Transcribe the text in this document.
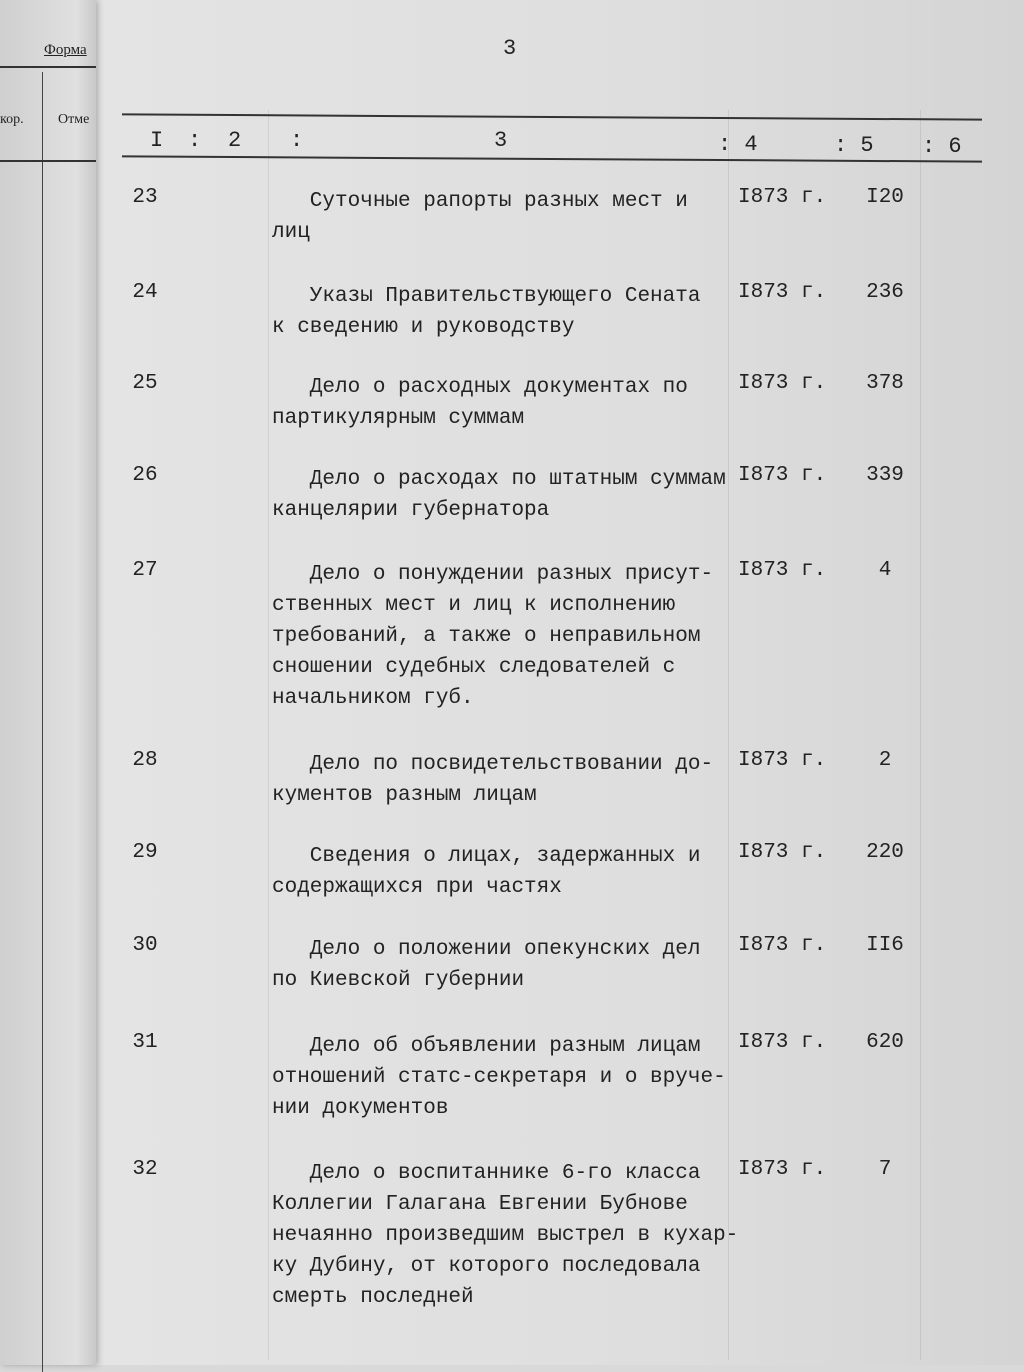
Форма
кор. Отме
3
I : 2 :	3	: 4	: 5 : 6
23	Суточные рапорты разных мест и
лиц
I873 г.	I20
24	Указы Правительствующего Сената
к сведению и руководству
I873 г.	236
25	Дело о расходных документах по
партикулярным суммам
I873 г.	378
26	Дело о расходах по штатным суммам
канцелярии губернатора
I873 г.	339
27	Дело о понуждении разных присут-
ственных мест и лиц к исполнению
требований, а также о неправильном
сношении судебных следователей с
начальником губ.
I873 г.	4
28	Дело по посвидетельствовании до-
кументов разным лицам
I873 г.	2
29	Сведения о лицах, задержанных и
содержащихся при частях
I873 г.	220
30	Дело о положении опекунских дел
по Киевской губернии
I873 г.	II6
31	Дело об объявлении разным лицам
отношений статс-секретаря и о вруче-
нии документов
I873 г.	620
32	Дело о воспитаннике 6-го класса
Коллегии Галагана Евгении Бубнове
нечаянно произведшим выстрел в кухар-
ку Дубину, от которого последовала
смерть последней
I873 г.	7
